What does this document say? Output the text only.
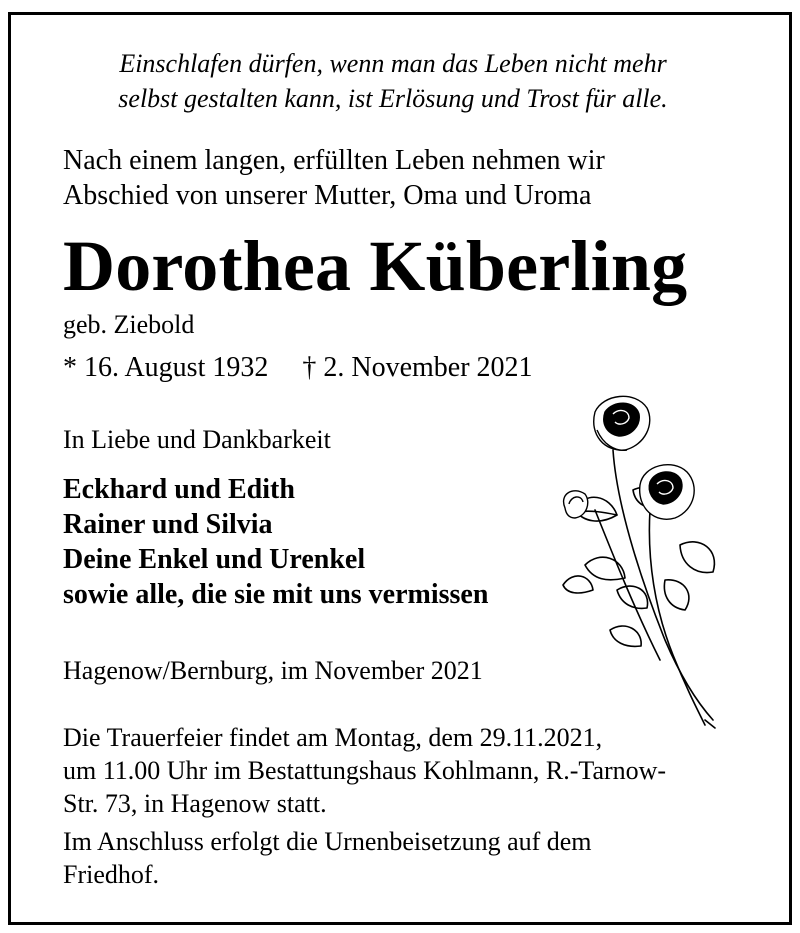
Einschlafen dürfen, wenn man das Leben nicht mehr
selbst gestalten kann, ist Erlösung und Trost für alle.
Nach einem langen, erfüllten Leben nehmen wir
Abschied von unserer Mutter, Oma und Uroma
Dorothea Küberling
geb. Ziebold
* 16. August 1932 † 2. November 2021
In Liebe und Dankbarkeit
Eckhard und Edith
Rainer und Silvia
Deine Enkel und Urenkel
sowie alle, die sie mit uns vermissen
Hagenow/Bernburg, im November 2021
Die Trauerfeier findet am Montag, dem 29.11.2021,
um 11.00 Uhr im Bestattungshaus Kohlmann, R.-Tarnow-
Str. 73, in Hagenow statt.
Im Anschluss erfolgt die Urnenbeisetzung auf dem
Friedhof.
